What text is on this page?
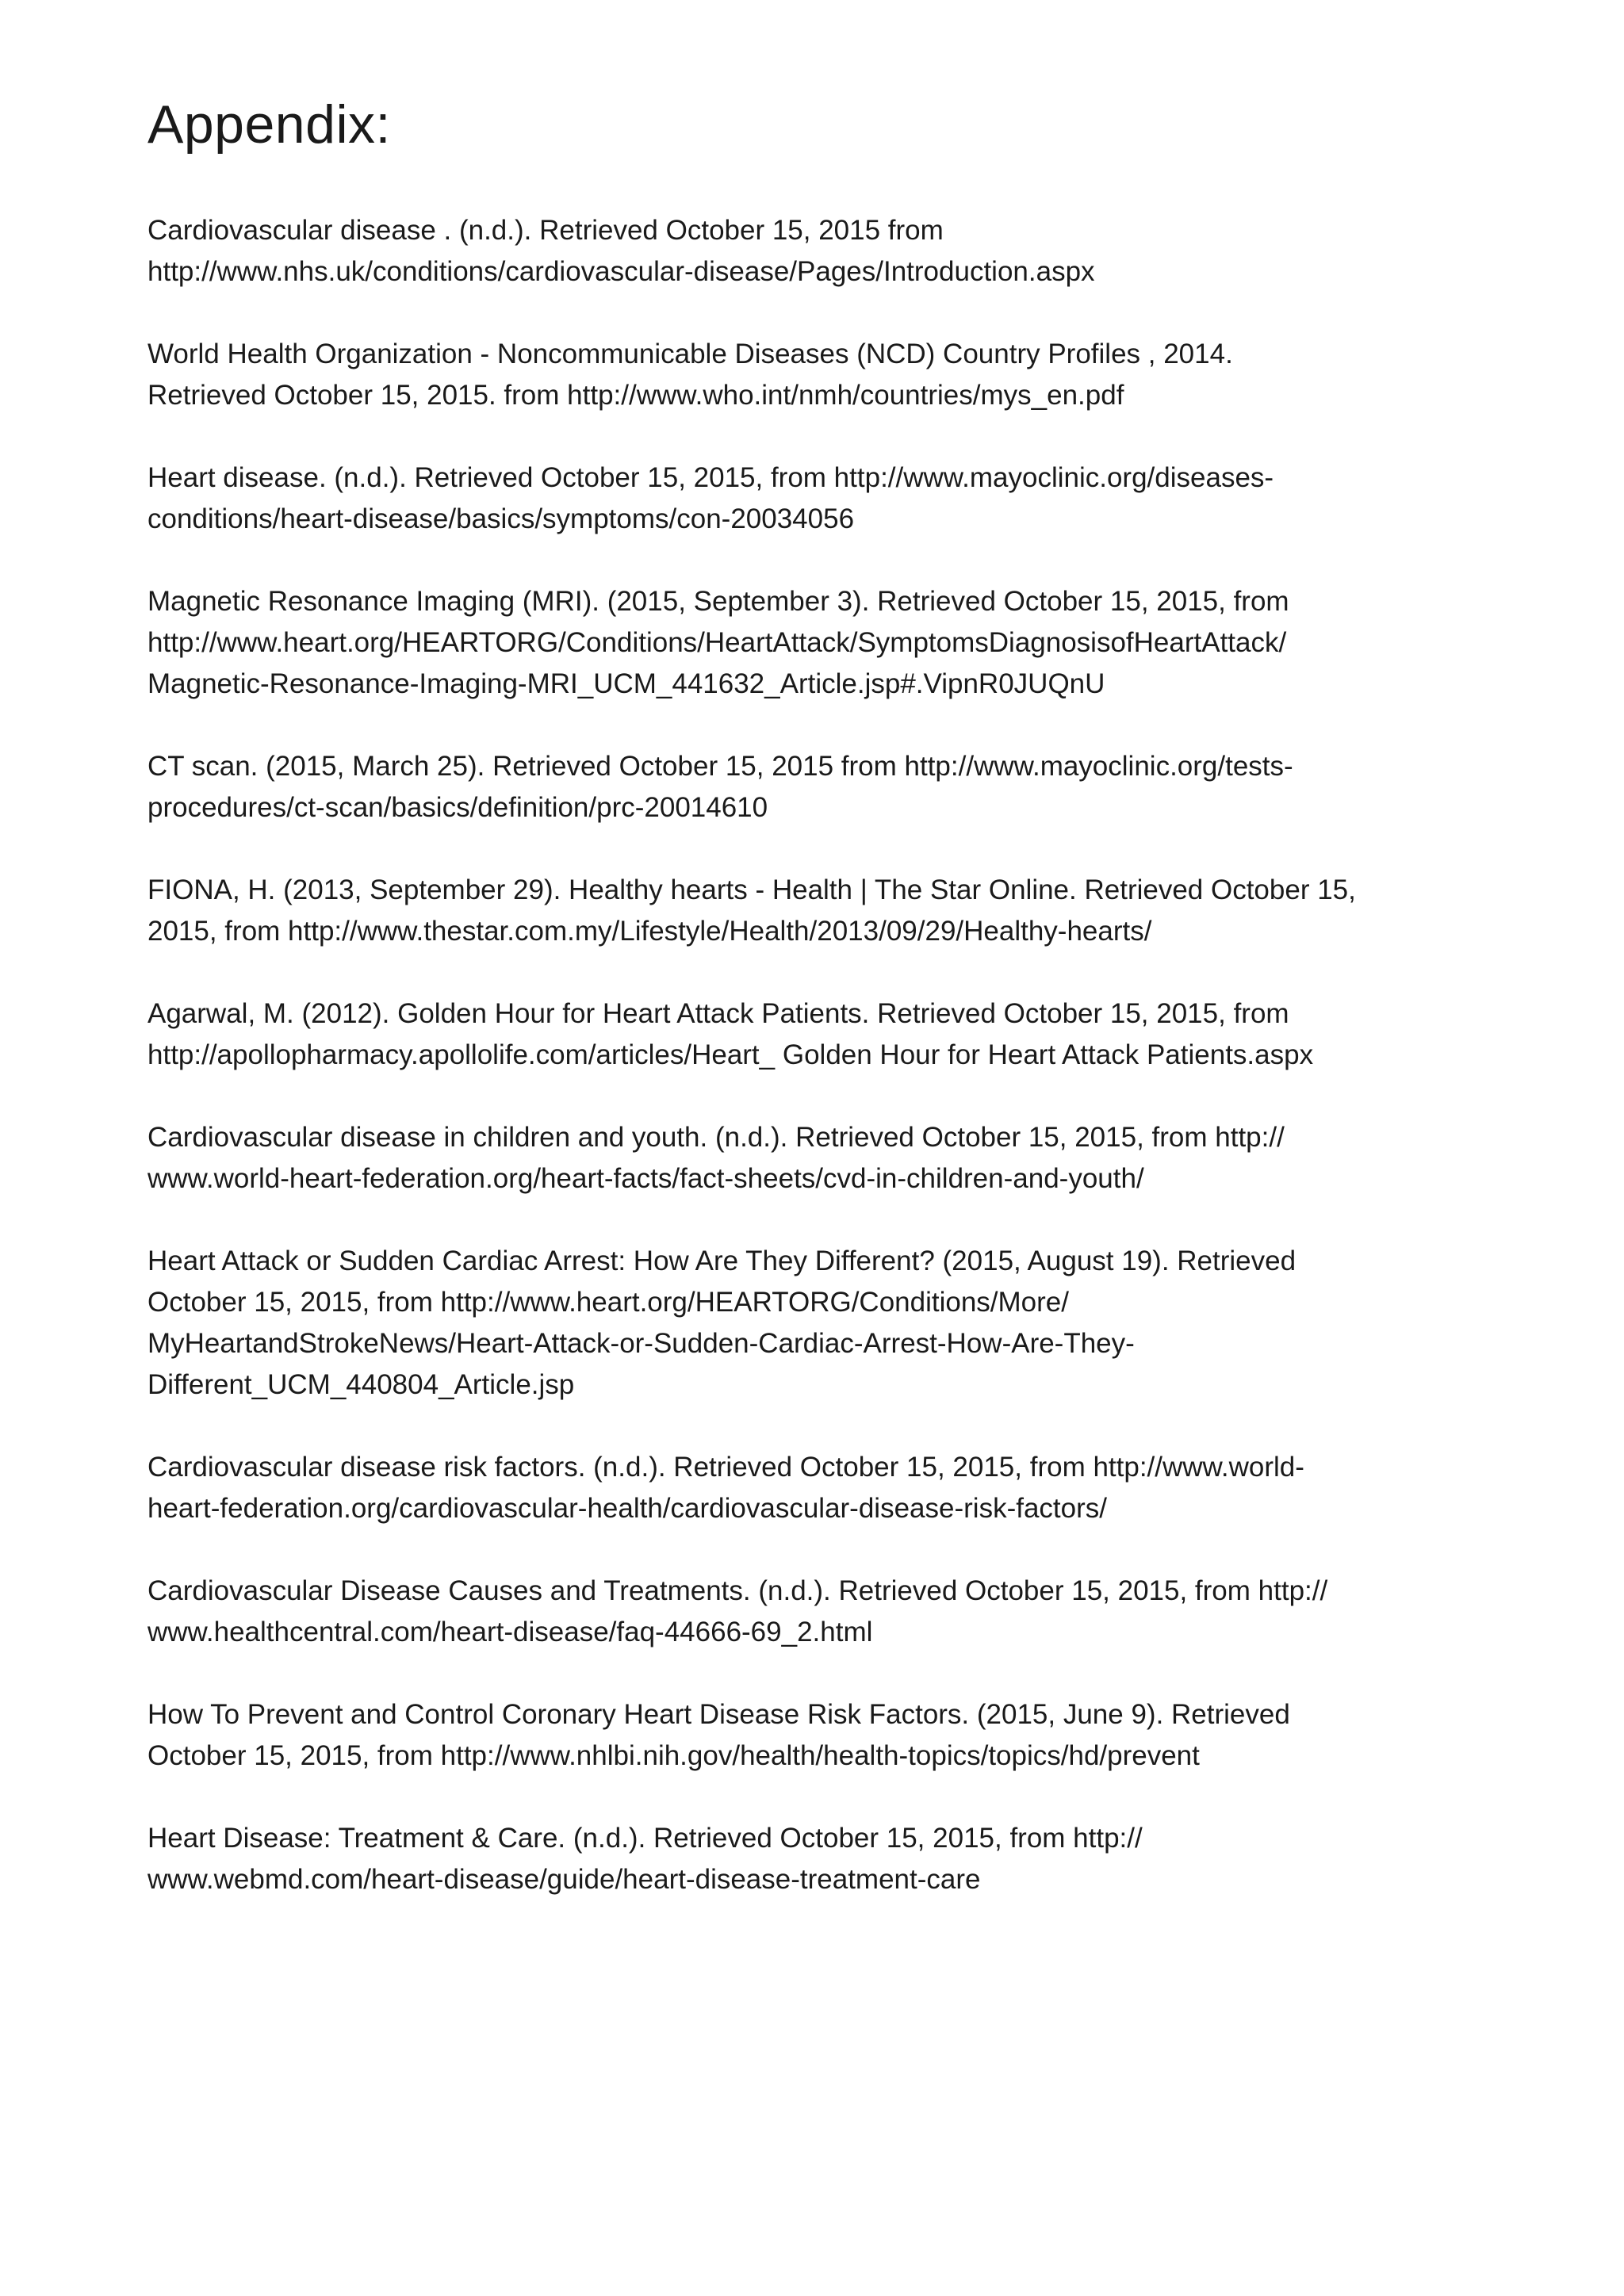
Appendix:
Cardiovascular disease . (n.d.). Retrieved October 15, 2015 from
http://www.nhs.uk/conditions/cardiovascular-disease/Pages/Introduction.aspx
World Health Organization - Noncommunicable Diseases (NCD) Country Profiles , 2014.
Retrieved October 15, 2015. from http://www.who.int/nmh/countries/mys_en.pdf
Heart disease. (n.d.). Retrieved October 15, 2015, from http://www.mayoclinic.org/diseases-
conditions/heart-disease/basics/symptoms/con-20034056
Magnetic Resonance Imaging (MRI). (2015, September 3). Retrieved October 15, 2015, from
http://www.heart.org/HEARTORG/Conditions/HeartAttack/SymptomsDiagnosisofHeartAttack/
Magnetic-Resonance-Imaging-MRI_UCM_441632_Article.jsp#.VipnR0JUQnU
CT scan. (2015, March 25). Retrieved October 15, 2015 from http://www.mayoclinic.org/tests-
procedures/ct-scan/basics/definition/prc-20014610
FIONA, H. (2013, September 29). Healthy hearts - Health | The Star Online. Retrieved October 15,
2015, from http://www.thestar.com.my/Lifestyle/Health/2013/09/29/Healthy-hearts/
Agarwal, M. (2012). Golden Hour for Heart Attack Patients. Retrieved October 15, 2015, from
http://apollopharmacy.apollolife.com/articles/Heart_ Golden Hour for Heart Attack Patients.aspx
Cardiovascular disease in children and youth. (n.d.). Retrieved October 15, 2015, from http://
www.world-heart-federation.org/heart-facts/fact-sheets/cvd-in-children-and-youth/
Heart Attack or Sudden Cardiac Arrest: How Are They Different? (2015, August 19). Retrieved
October 15, 2015, from http://www.heart.org/HEARTORG/Conditions/More/
MyHeartandStrokeNews/Heart-Attack-or-Sudden-Cardiac-Arrest-How-Are-They-
Different_UCM_440804_Article.jsp
Cardiovascular disease risk factors. (n.d.). Retrieved October 15, 2015, from http://www.world-
heart-federation.org/cardiovascular-health/cardiovascular-disease-risk-factors/
Cardiovascular Disease Causes and Treatments. (n.d.). Retrieved October 15, 2015, from http://
www.healthcentral.com/heart-disease/faq-44666-69_2.html
How To Prevent and Control Coronary Heart Disease Risk Factors. (2015, June 9). Retrieved
October 15, 2015, from http://www.nhlbi.nih.gov/health/health-topics/topics/hd/prevent
Heart Disease: Treatment & Care. (n.d.). Retrieved October 15, 2015, from http://
www.webmd.com/heart-disease/guide/heart-disease-treatment-care
